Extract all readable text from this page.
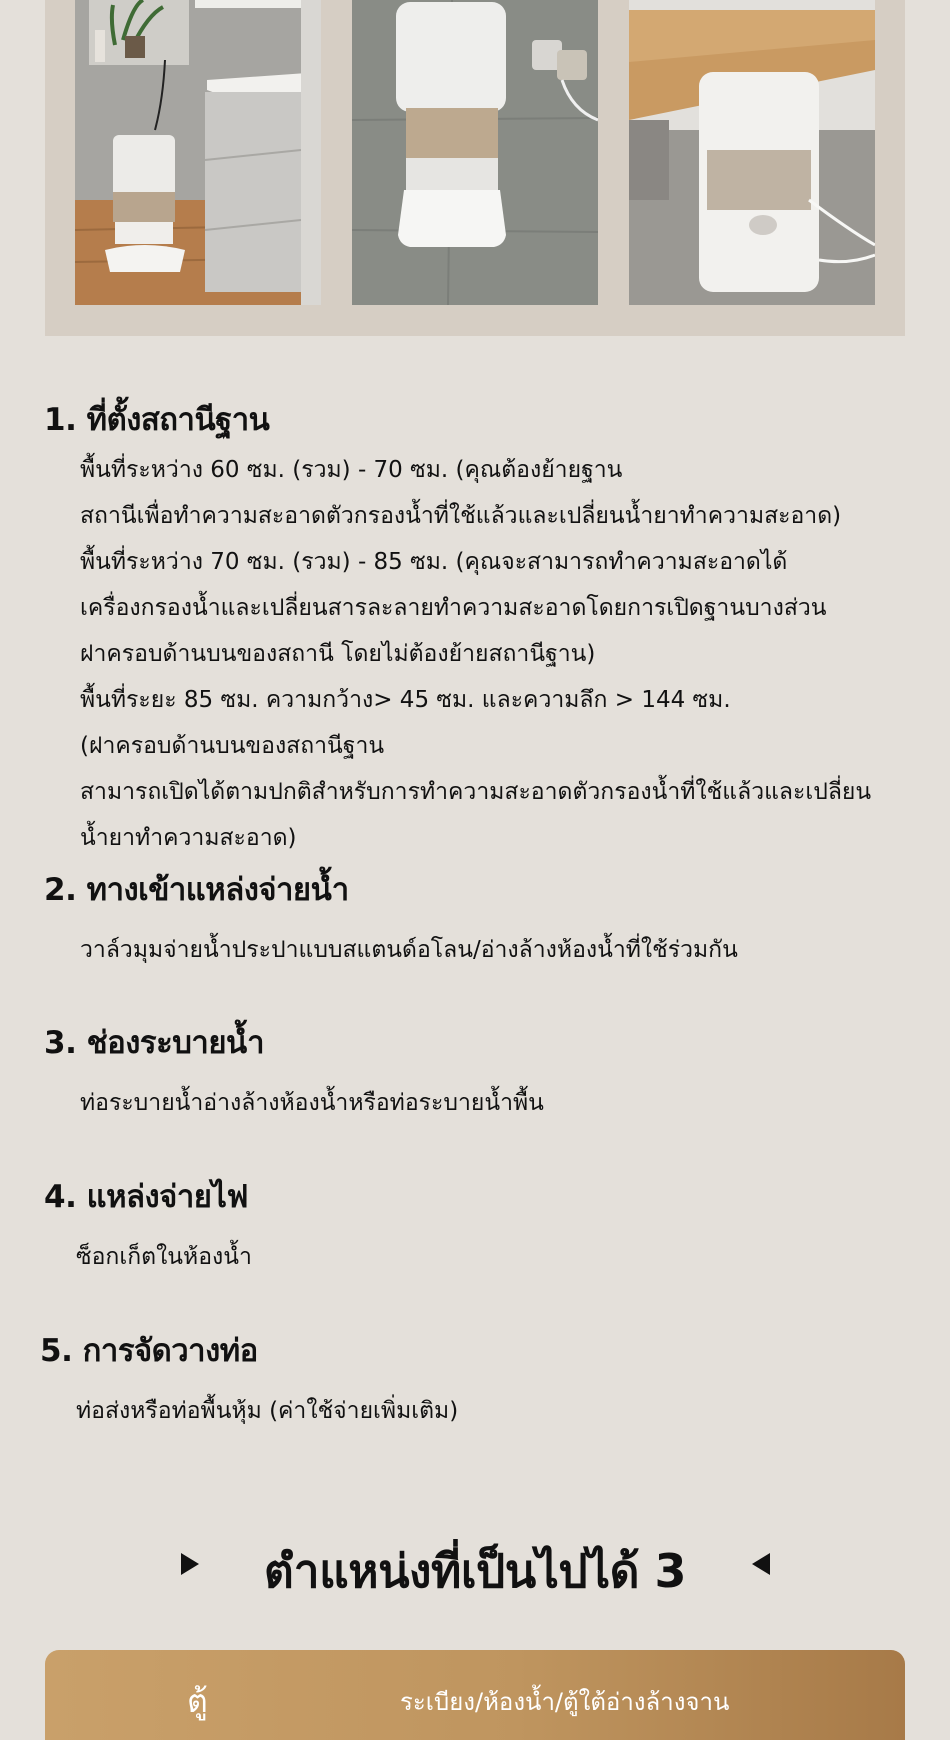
1. ที่ตั้งสถานีฐาน
พื้นที่ระหว่าง 60 ซม. (รวม) - 70 ซม. (คุณต้องย้ายฐาน
สถานีเพื่อทำความสะอาดตัวกรองน้ำที่ใช้แล้วและเปลี่ยนน้ำยาทำความสะอาด)
พื้นที่ระหว่าง 70 ซม. (รวม) - 85 ซม. (คุณจะสามารถทำความสะอาดได้
เครื่องกรองน้ำและเปลี่ยนสารละลายทำความสะอาดโดยการเปิดฐานบางส่วน
ฝาครอบด้านบนของสถานี โดยไม่ต้องย้ายสถานีฐาน)
พื้นที่ระยะ 85 ซม. ความกว้าง> 45 ซม. และความลึก > 144 ซม.
(ฝาครอบด้านบนของสถานีฐาน
สามารถเปิดได้ตามปกติสำหรับการทำความสะอาดตัวกรองน้ำที่ใช้แล้วและเปลี่ยน
น้ำยาทำความสะอาด)
2. ทางเข้าแหล่งจ่ายน้ำ
วาล์วมุมจ่ายน้ำประปาแบบสแตนด์อโลน/อ่างล้างห้องน้ำที่ใช้ร่วมกัน
3. ช่องระบายน้ำ
ท่อระบายน้ำอ่างล้างห้องน้ำหรือท่อระบายน้ำพื้น
4. แหล่งจ่ายไฟ
ซ็อกเก็ตในห้องน้ำ
5. การจัดวางท่อ
ท่อส่งหรือท่อพื้นหุ้ม (ค่าใช้จ่ายเพิ่มเติม)
ตำแหน่งที่เป็นไปได้ 3
ตู้	ระเบียง/ห้องน้ำ/ตู้ใต้อ่างล้างจาน
